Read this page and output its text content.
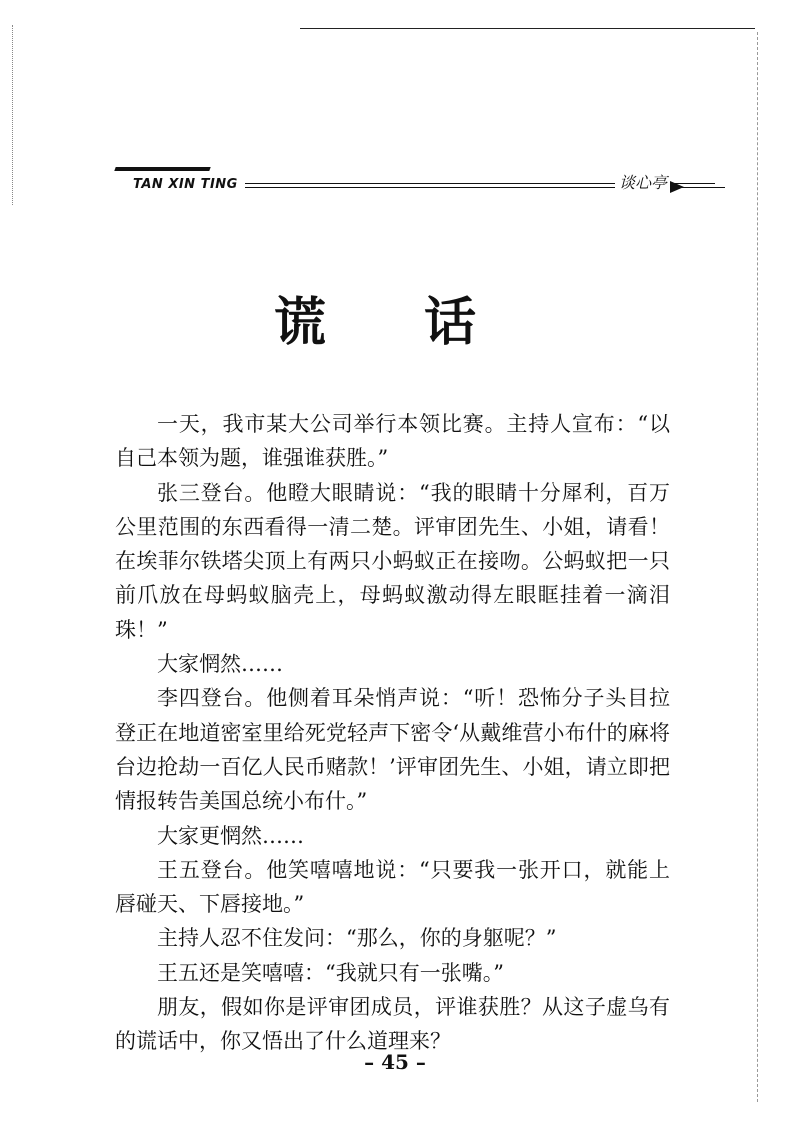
TAN XIN TING	谈心亭
谎 话

一天，我市某大公司举行本领比赛。主持人宣布：“以自己本领为题，谁强谁获胜。”

张三登台。他瞪大眼睛说：“我的眼睛十分犀利，百万公里范围的东西看得一清二楚。评审团先生、小姐，请看！在埃菲尔铁塔尖顶上有两只小蚂蚁正在接吻。公蚂蚁把一只前爪放在母蚂蚁脑壳上，母蚂蚁激动得左眼眶挂着一滴泪珠！”

大家惘然……

李四登台。他侧着耳朵悄声说：“听！恐怖分子头目拉登正在地道密室里给死党轻声下密令‘从戴维营小布什的麻将台边抢劫一百亿人民币赌款！’评审团先生、小姐，请立即把情报转告美国总统小布什。”

大家更惘然……

王五登台。他笑嘻嘻地说：“只要我一张开口，就能上唇碰天、下唇接地。”

主持人忍不住发问：“那么，你的身躯呢？”

王五还是笑嘻嘻：“我就只有一张嘴。”

朋友，假如你是评审团成员，评谁获胜？从这子虚乌有的谎话中，你又悟出了什么道理来？

– 45 –
